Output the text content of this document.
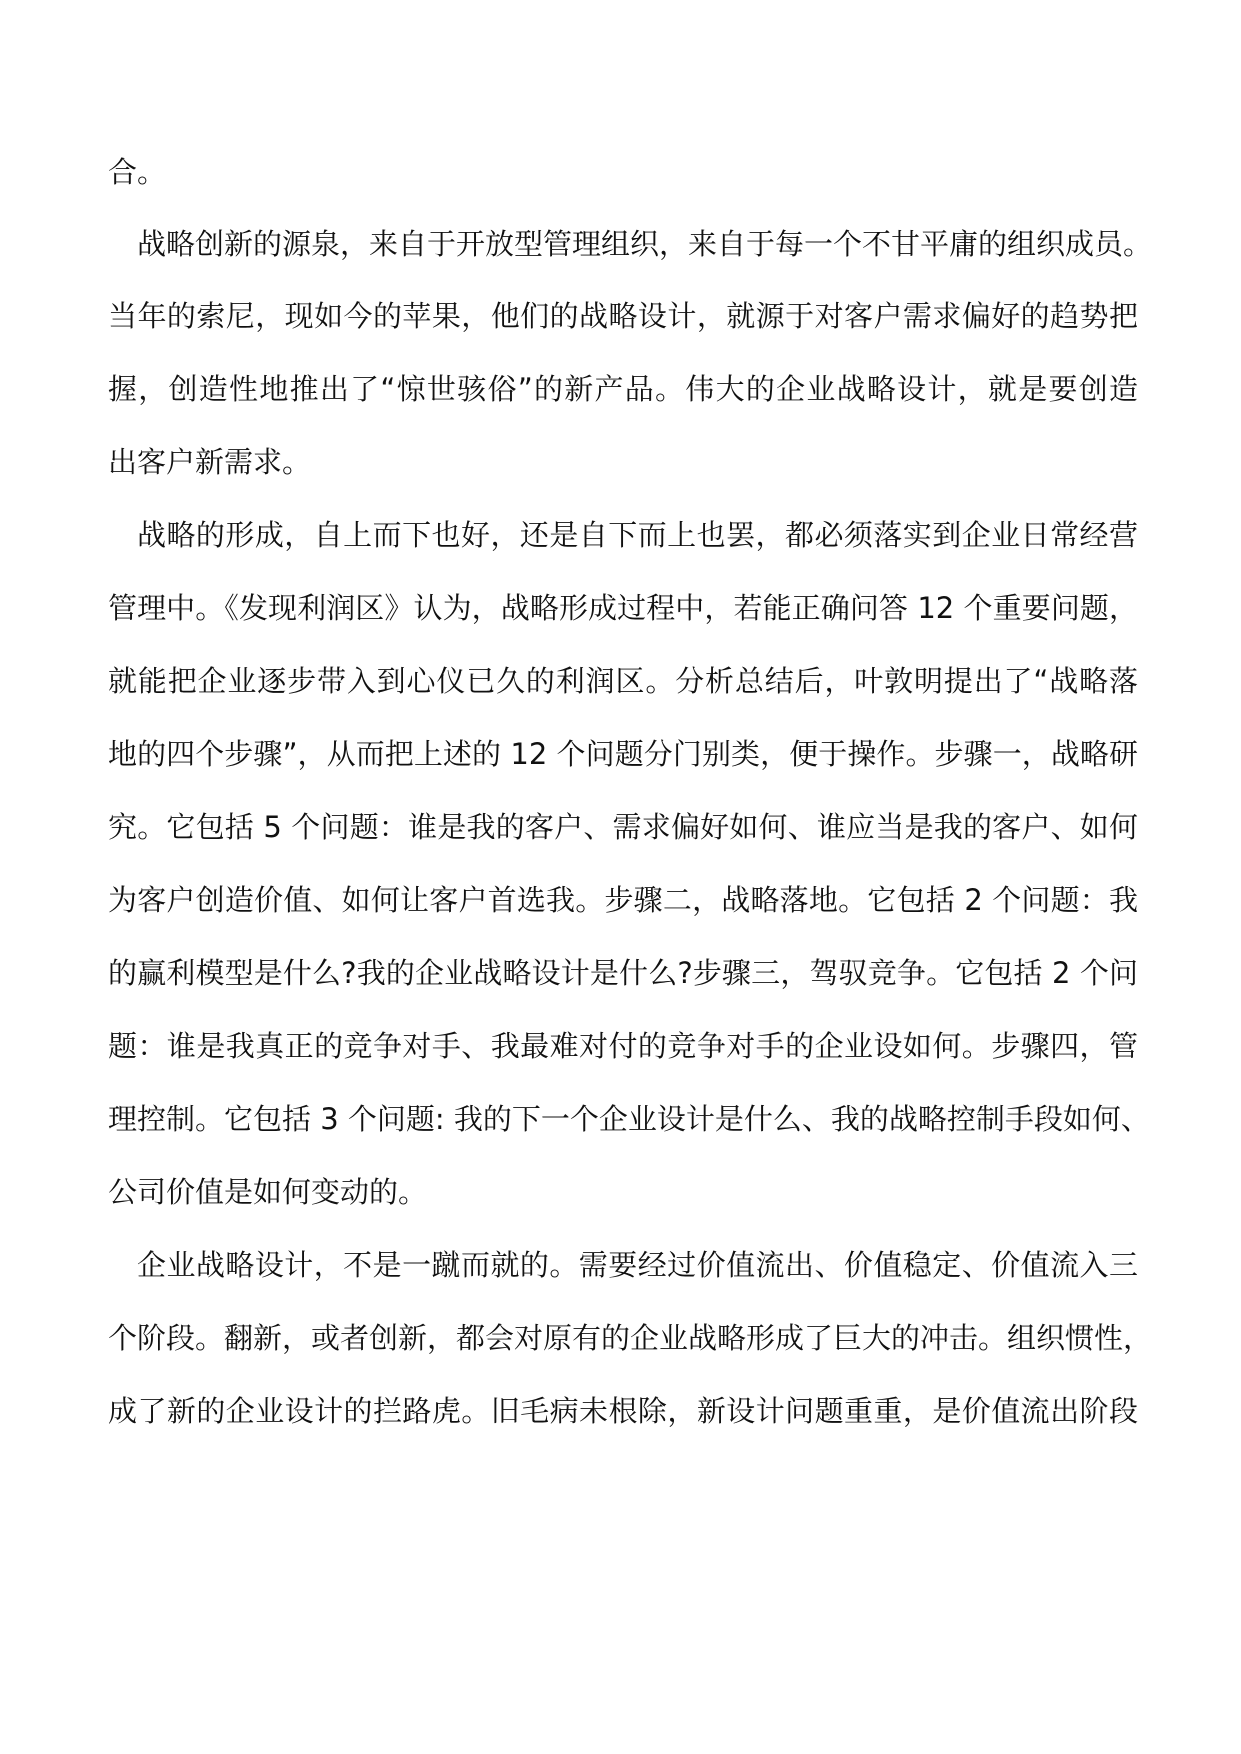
合。
战略创新的源泉，来自于开放型管理组织，来自于每一个不甘平庸的组织成员。
当年的索尼，现如今的苹果，他们的战略设计，就源于对客户需求偏好的趋势把
握，创造性地推出了“惊世骇俗”的新产品。伟大的企业战略设计，就是要创造
出客户新需求。
战略的形成，自上而下也好，还是自下而上也罢，都必须落实到企业日常经营
管理中。《发现利润区》认为，战略形成过程中，若能正确问答 12 个重要问题，
就能把企业逐步带入到心仪已久的利润区。分析总结后，叶敦明提出了“战略落
地的四个步骤”，从而把上述的 12 个问题分门别类，便于操作。步骤一，战略研
究。它包括 5 个问题：谁是我的客户、需求偏好如何、谁应当是我的客户、如何
为客户创造价值、如何让客户首选我。步骤二，战略落地。它包括 2 个问题：我
的赢利模型是什么?我的企业战略设计是什么?步骤三，驾驭竞争。它包括 2 个问
题：谁是我真正的竞争对手、我最难对付的竞争对手的企业设如何。步骤四，管
理控制。它包括 3 个问题: 我的下一个企业设计是什么、我的战略控制手段如何、
公司价值是如何变动的。
企业战略设计，不是一蹴而就的。需要经过价值流出、价值稳定、价值流入三
个阶段。翻新，或者创新，都会对原有的企业战略形成了巨大的冲击。组织惯性，
成了新的企业设计的拦路虎。旧毛病未根除，新设计问题重重，是价值流出阶段
